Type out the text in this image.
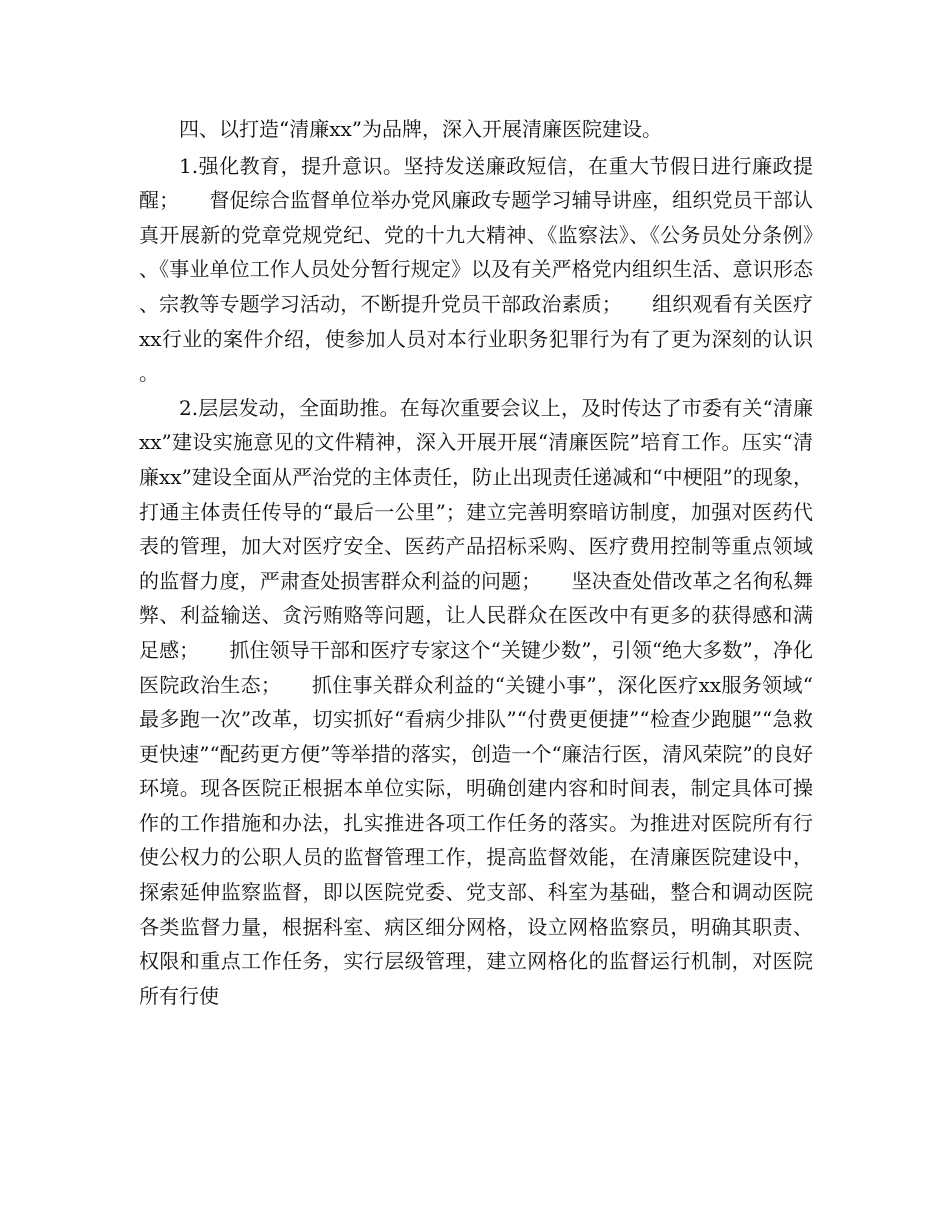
四、以打造“清廉xx”为品牌，深入开展清廉医院建设。

1.强化教育，提升意识。坚持发送廉政短信，在重大节假日进行廉政提醒；　　督促综合监督单位举办党风廉政专题学习辅导讲座，组织党员干部认真开展新的党章党规党纪、党的十九大精神、《监察法》、《公务员处分条例》、《事业单位工作人员处分暂行规定》以及有关严格党内组织生活、意识形态、宗教等专题学习活动，不断提升党员干部政治素质；　　组织观看有关医疗xx行业的案件介绍，使参加人员对本行业职务犯罪行为有了更为深刻的认识。

2.层层发动，全面助推。在每次重要会议上，及时传达了市委有关“清廉xx”建设实施意见的文件精神，深入开展开展“清廉医院”培育工作。压实“清廉xx”建设全面从严治党的主体责任，防止出现责任递减和“中梗阻”的现象，打通主体责任传导的“最后一公里”；建立完善明察暗访制度，加强对医药代表的管理，加大对医疗安全、医药产品招标采购、医疗费用控制等重点领域的监督力度，严肃查处损害群众利益的问题；　　坚决查处借改革之名徇私舞弊、利益输送、贪污贿赂等问题，让人民群众在医改中有更多的获得感和满足感；　　抓住领导干部和医疗专家这个“关键少数”，引领“绝大多数”，净化医院政治生态；　　抓住事关群众利益的“关键小事”，深化医疗xx服务领域“最多跑一次”改革，切实抓好“看病少排队”“付费更便捷”“检查少跑腿”“急救更快速”“配药更方便”等举措的落实，创造一个“廉洁行医，清风荣院”的良好环境。现各医院正根据本单位实际，明确创建内容和时间表，制定具体可操作的工作措施和办法，扎实推进各项工作任务的落实。为推进对医院所有行使公权力的公职人员的监督管理工作，提高监督效能，在清廉医院建设中，探索延伸监察监督，即以医院党委、党支部、科室为基础，整合和调动医院各类监督力量，根据科室、病区细分网格，设立网格监察员，明确其职责、权限和重点工作任务，实行层级管理，建立网格化的监督运行机制，对医院所有行使
